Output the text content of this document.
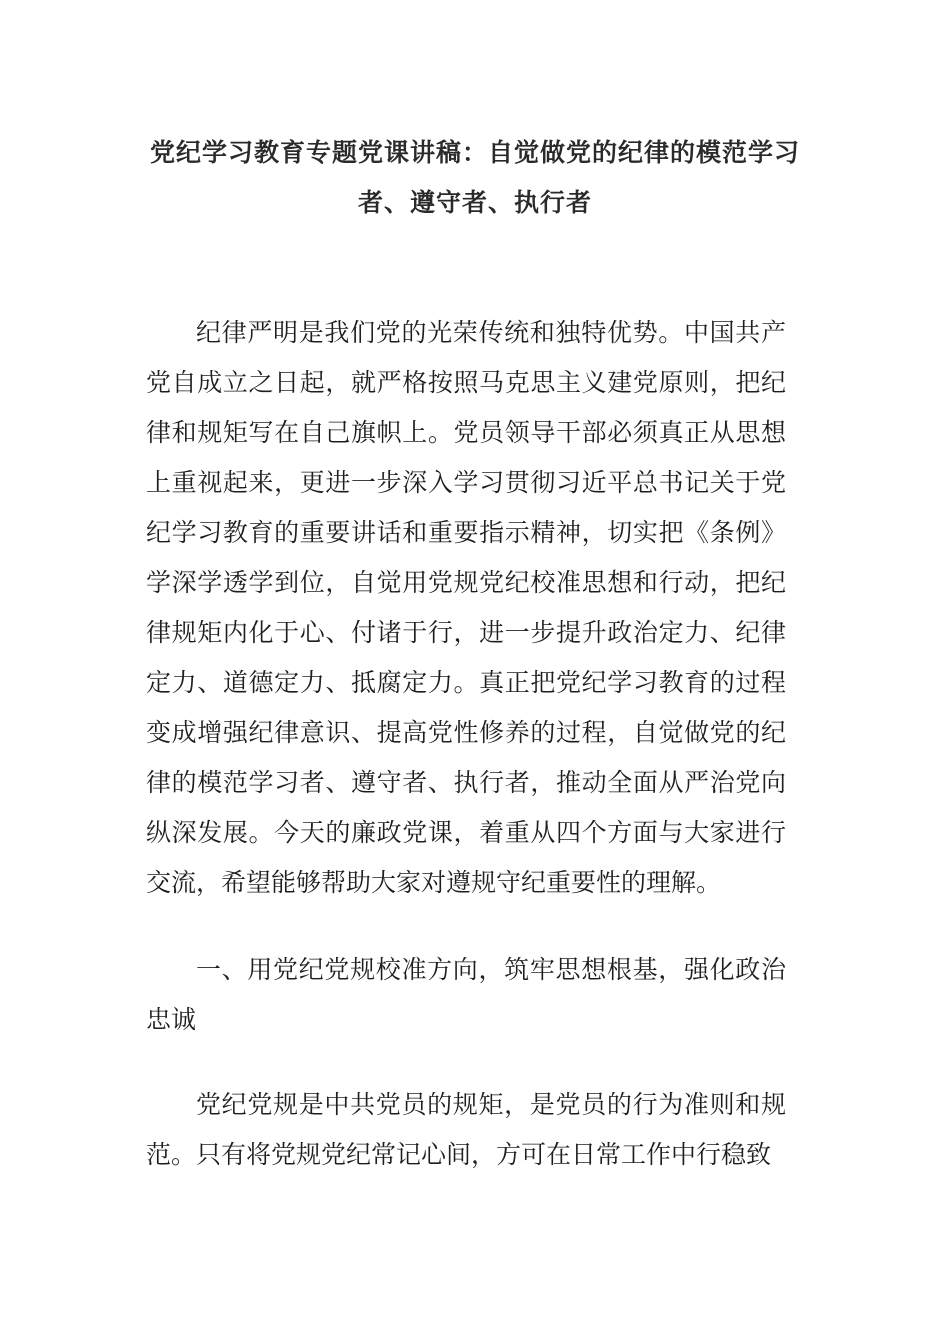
党纪学习教育专题党课讲稿：自觉做党的纪律的模范学习者、遵守者、执行者

纪律严明是我们党的光荣传统和独特优势。中国共产党自成立之日起，就严格按照马克思主义建党原则，把纪律和规矩写在自己旗帜上。党员领导干部必须真正从思想上重视起来，更进一步深入学习贯彻习近平总书记关于党纪学习教育的重要讲话和重要指示精神，切实把《条例》学深学透学到位，自觉用党规党纪校准思想和行动，把纪律规矩内化于心、付诸于行，进一步提升政治定力、纪律定力、道德定力、抵腐定力。真正把党纪学习教育的过程变成增强纪律意识、提高党性修养的过程，自觉做党的纪律的模范学习者、遵守者、执行者，推动全面从严治党向纵深发展。今天的廉政党课，着重从四个方面与大家进行交流，希望能够帮助大家对遵规守纪重要性的理解。

一、用党纪党规校准方向，筑牢思想根基，强化政治忠诚

党纪党规是中共党员的规矩，是党员的行为准则和规范。只有将党规党纪常记心间，方可在日常工作中行稳致
